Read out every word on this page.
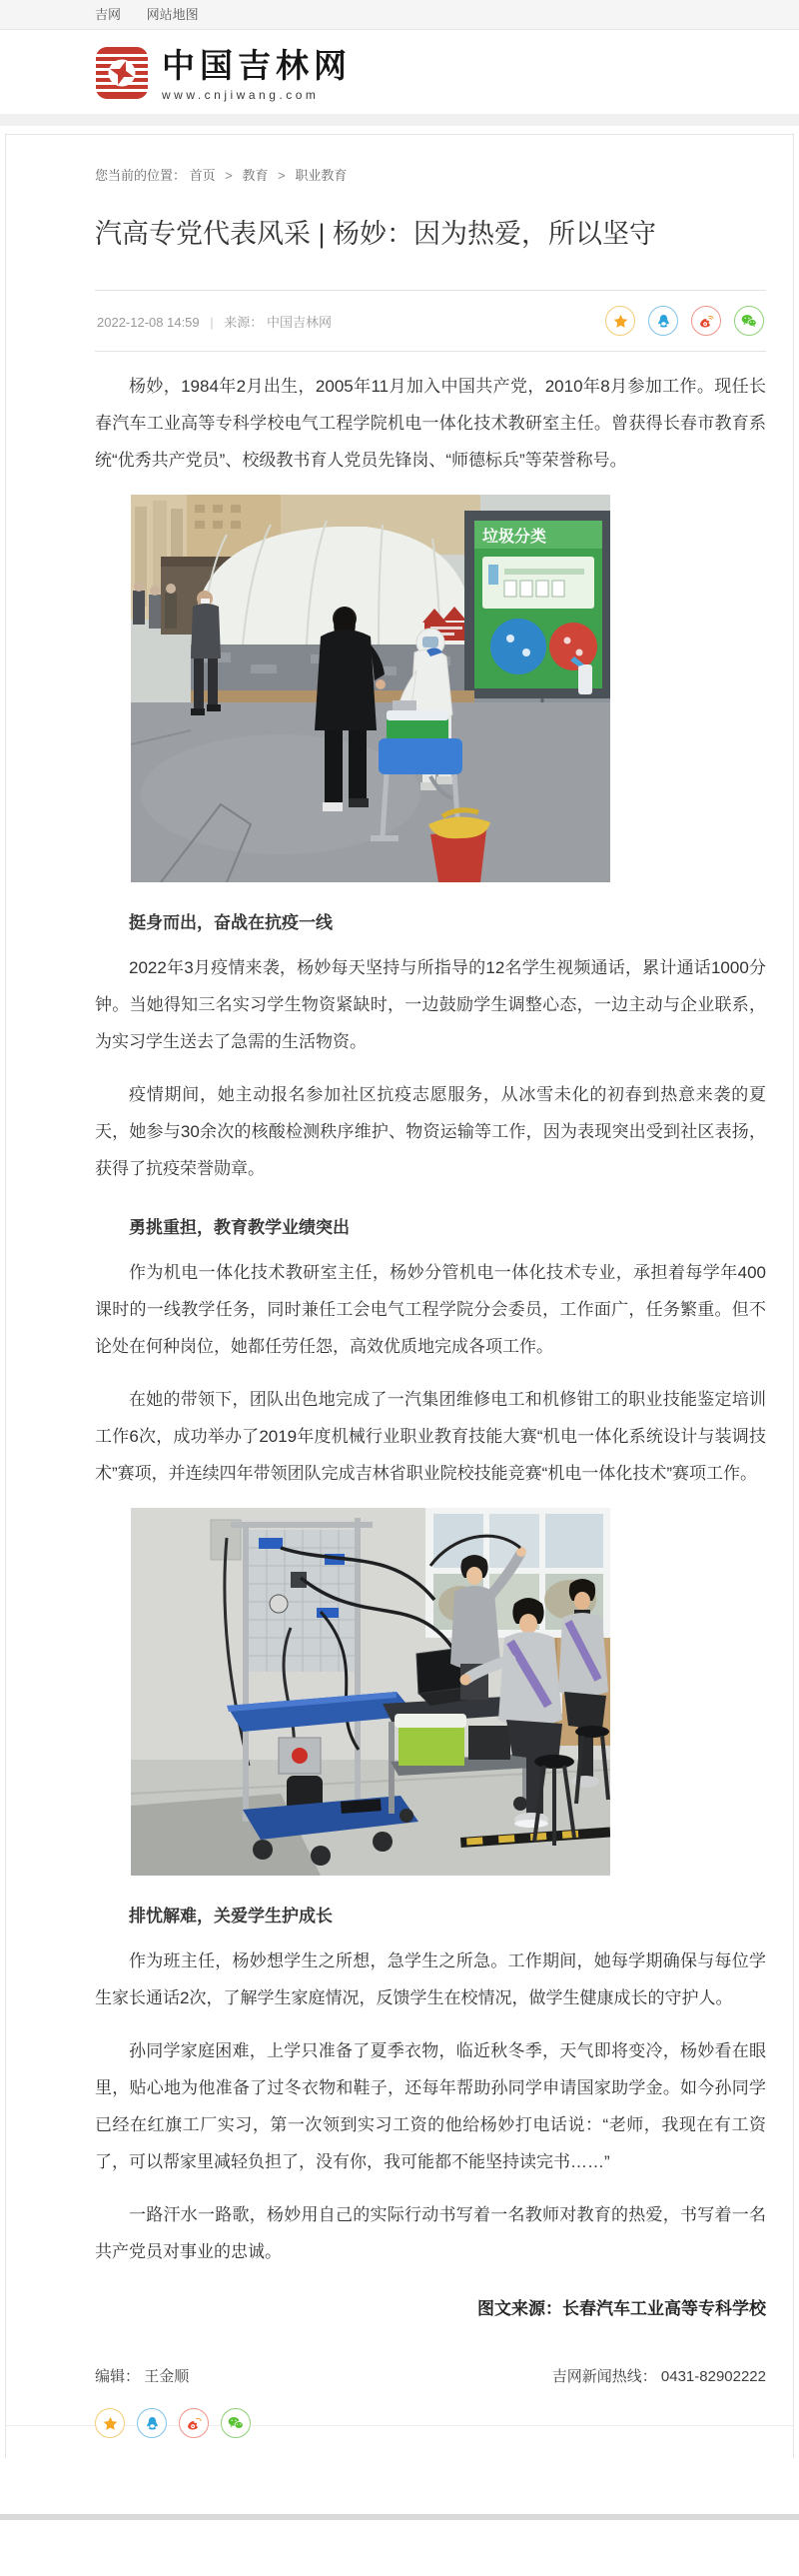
吉网 网站地图
中国吉林网
www.cnjiwang.com
您当前的位置： 首页 > 教育 > 职业教育
汽高专党代表风采 | 杨妙：因为热爱，所以坚守
2022-12-08 14:59 | 来源： 中国吉林网

杨妙，1984年2月出生，2005年11月加入中国共产党，2010年8月参加工作。现任长春汽车工业高等专科学校电气工程学院机电一体化技术教研室主任。曾获得长春市教育系统“优秀共产党员”、校级教书育人党员先锋岗、“师德标兵”等荣誉称号。

垃圾分类
挺身而出，奋战在抗疫一线

2022年3月疫情来袭，杨妙每天坚持与所指导的12名学生视频通话，累计通话1000分钟。当她得知三名实习学生物资紧缺时，一边鼓励学生调整心态，一边主动与企业联系，为实习学生送去了急需的生活物资。

疫情期间，她主动报名参加社区抗疫志愿服务，从冰雪未化的初春到热意来袭的夏天，她参与30余次的核酸检测秩序维护、物资运输等工作，因为表现突出受到社区表扬，获得了抗疫荣誉勋章。

勇挑重担，教育教学业绩突出

作为机电一体化技术教研室主任，杨妙分管机电一体化技术专业，承担着每学年400课时的一线教学任务，同时兼任工会电气工程学院分会委员，工作面广，任务繁重。但不论处在何种岗位，她都任劳任怨，高效优质地完成各项工作。

在她的带领下，团队出色地完成了一汽集团维修电工和机修钳工的职业技能鉴定培训工作6次，成功举办了2019年度机械行业职业教育技能大赛“机电一体化系统设计与装调技术”赛项，并连续四年带领团队完成吉林省职业院校技能竞赛“机电一体化技术”赛项工作。

排忧解难，关爱学生护成长

作为班主任，杨妙想学生之所想，急学生之所急。工作期间，她每学期确保与每位学生家长通话2次，了解学生家庭情况，反馈学生在校情况，做学生健康成长的守护人。

孙同学家庭困难，上学只准备了夏季衣物，临近秋冬季，天气即将变冷，杨妙看在眼里，贴心地为他准备了过冬衣物和鞋子，还每年帮助孙同学申请国家助学金。如今孙同学已经在红旗工厂实习，第一次领到实习工资的他给杨妙打电话说：“老师，我现在有工资了，可以帮家里减轻负担了，没有你，我可能都不能坚持读完书……”

一路汗水一路歌，杨妙用自己的实际行动书写着一名教师对教育的热爱，书写着一名共产党员对事业的忠诚。

图文来源：长春汽车工业高等专科学校
编辑： 王金顺	吉网新闻热线： 0431-82902222
